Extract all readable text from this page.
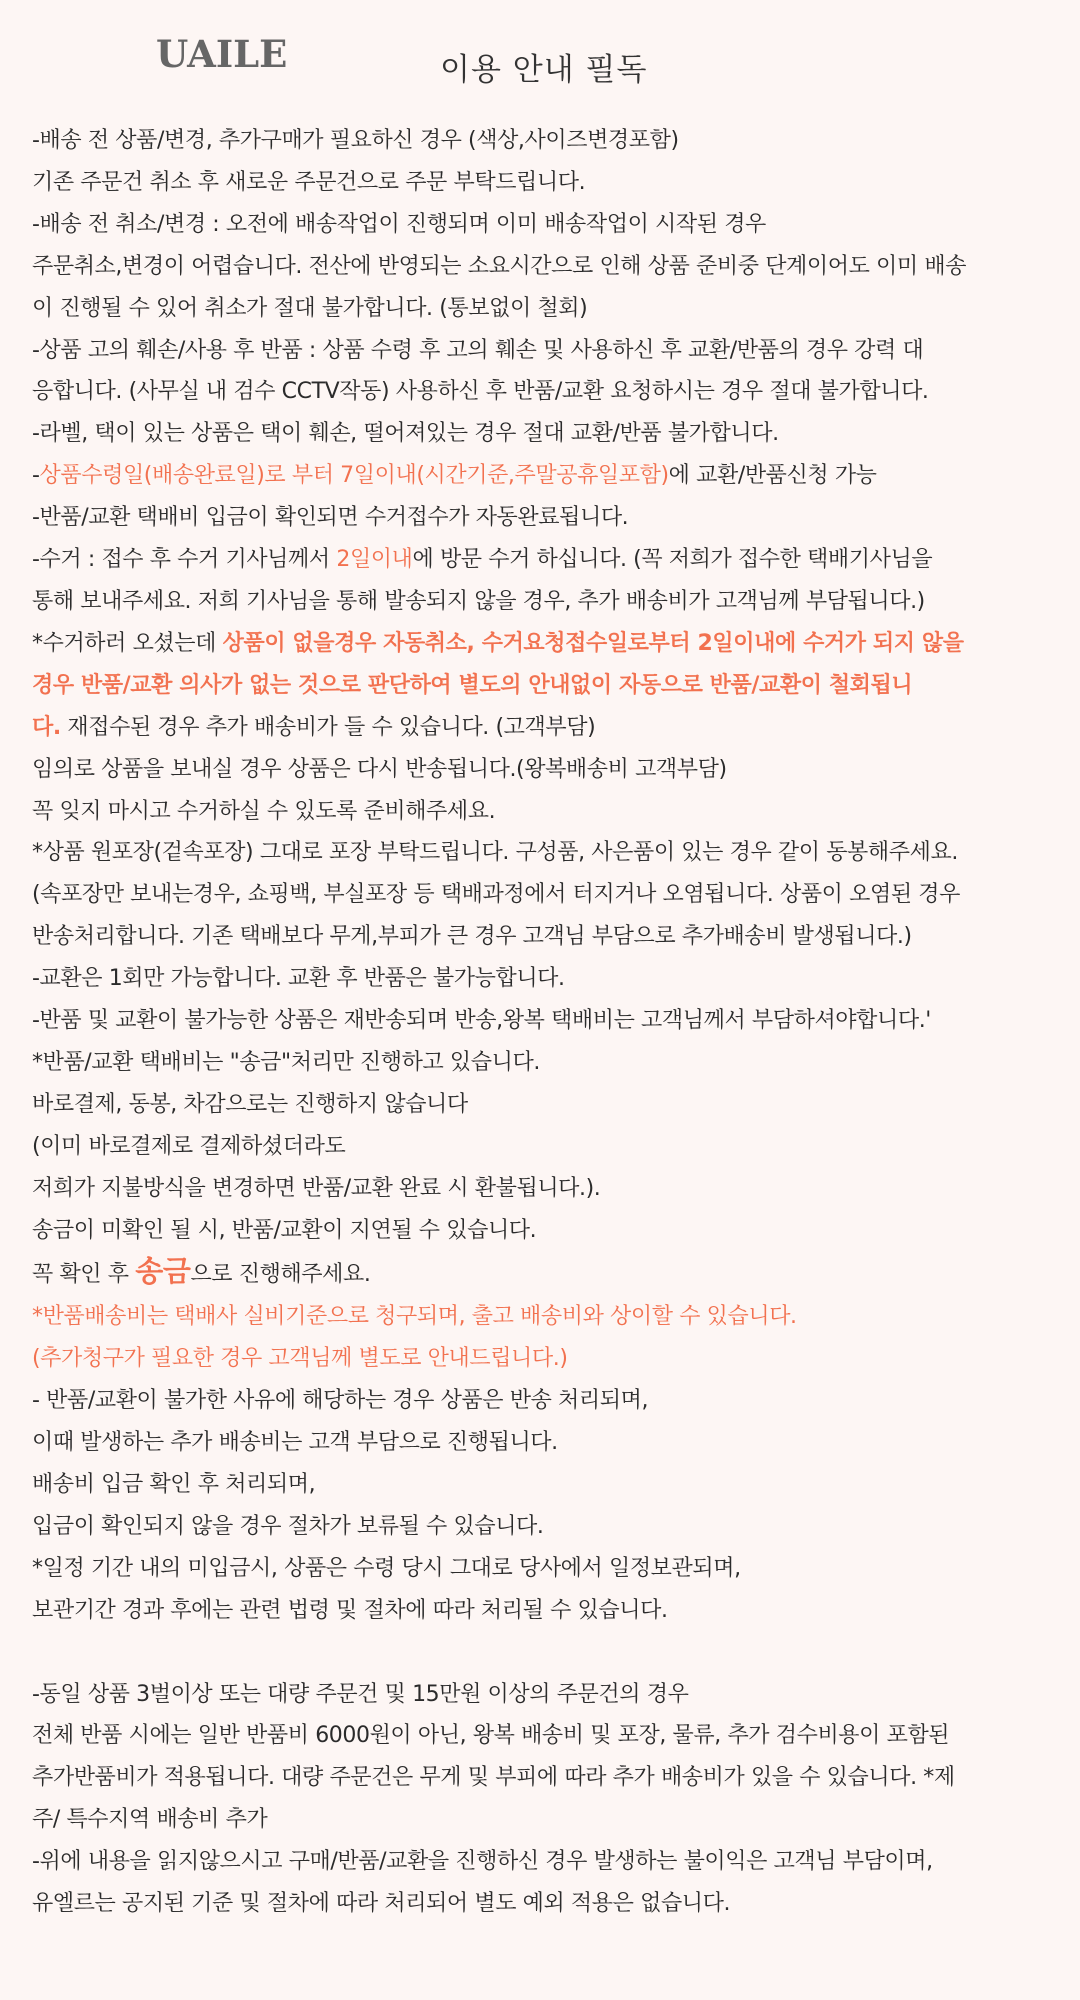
UAILE	이용 안내 필독

-배송 전 상품/변경, 추가구매가 필요하신 경우 (색상,사이즈변경포함)

기존 주문건 취소 후 새로운 주문건으로 주문 부탁드립니다.

-배송 전 취소/변경 : 오전에 배송작업이 진행되며 이미 배송작업이 시작된 경우

주문취소,변경이 어렵습니다. 전산에 반영되는 소요시간으로 인해 상품 준비중 단계이어도 이미 배송

이 진행될 수 있어 취소가 절대 불가합니다. (통보없이 철회)

-상품 고의 훼손/사용 후 반품 : 상품 수령 후 고의 훼손 및 사용하신 후 교환/반품의 경우 강력 대

응합니다. (사무실 내 검수 CCTV작동) 사용하신 후 반품/교환 요청하시는 경우 절대 불가합니다.

-라벨, 택이 있는 상품은 택이 훼손, 떨어져있는 경우 절대 교환/반품 불가합니다.

-상품수령일(배송완료일)로 부터 7일이내(시간기준,주말공휴일포함)에 교환/반품신청 가능

-반품/교환 택배비 입금이 확인되면 수거접수가 자동완료됩니다.

-수거 : 접수 후 수거 기사님께서 2일이내에 방문 수거 하십니다. (꼭 저희가 접수한 택배기사님을

통해 보내주세요. 저희 기사님을 통해 발송되지 않을 경우, 추가 배송비가 고객님께 부담됩니다.)

*수거하러 오셨는데 상품이 없을경우 자동취소, 수거요청접수일로부터 2일이내에 수거가 되지 않을

경우 반품/교환 의사가 없는 것으로 판단하여 별도의 안내없이 자동으로 반품/교환이 철회됩니

다. 재접수된 경우 추가 배송비가 들 수 있습니다. (고객부담)

임의로 상품을 보내실 경우 상품은 다시 반송됩니다.(왕복배송비 고객부담)

꼭 잊지 마시고 수거하실 수 있도록 준비해주세요.

*상품 원포장(겉속포장) 그대로 포장 부탁드립니다. 구성품, 사은품이 있는 경우 같이 동봉해주세요.

(속포장만 보내는경우, 쇼핑백, 부실포장 등 택배과정에서 터지거나 오염됩니다. 상품이 오염된 경우

반송처리합니다. 기존 택배보다 무게,부피가 큰 경우 고객님 부담으로 추가배송비 발생됩니다.)

-교환은 1회만 가능합니다. 교환 후 반품은 불가능합니다.

-반품 및 교환이 불가능한 상품은 재반송되며 반송,왕복 택배비는 고객님께서 부담하셔야합니다.'

*반품/교환 택배비는 "송금"처리만 진행하고 있습니다.

바로결제, 동봉, 차감으로는 진행하지 않습니다

(이미 바로결제로 결제하셨더라도

저희가 지불방식을 변경하면 반품/교환 완료 시 환불됩니다.).

송금이 미확인 될 시, 반품/교환이 지연될 수 있습니다.

꼭 확인 후 송금으로 진행해주세요.

*반품배송비는 택배사 실비기준으로 청구되며, 출고 배송비와 상이할 수 있습니다.

(추가청구가 필요한 경우 고객님께 별도로 안내드립니다.)

- 반품/교환이 불가한 사유에 해당하는 경우 상품은 반송 처리되며,

이때 발생하는 추가 배송비는 고객 부담으로 진행됩니다.

배송비 입금 확인 후 처리되며,

입금이 확인되지 않을 경우 절차가 보류될 수 있습니다.

*일정 기간 내의 미입금시, 상품은 수령 당시 그대로 당사에서 일정보관되며,

보관기간 경과 후에는 관련 법령 및 절차에 따라 처리될 수 있습니다.

-동일 상품 3벌이상 또는 대량 주문건 및 15만원 이상의 주문건의 경우

전체 반품 시에는 일반 반품비 6000원이 아닌, 왕복 배송비 및 포장, 물류, 추가 검수비용이 포함된

추가반품비가 적용됩니다. 대량 주문건은 무게 및 부피에 따라 추가 배송비가 있을 수 있습니다. *제

주/ 특수지역 배송비 추가

-위에 내용을 읽지않으시고 구매/반품/교환을 진행하신 경우 발생하는 불이익은 고객님 부담이며,

유엘르는 공지된 기준 및 절차에 따라 처리되어 별도 예외 적용은 없습니다.
